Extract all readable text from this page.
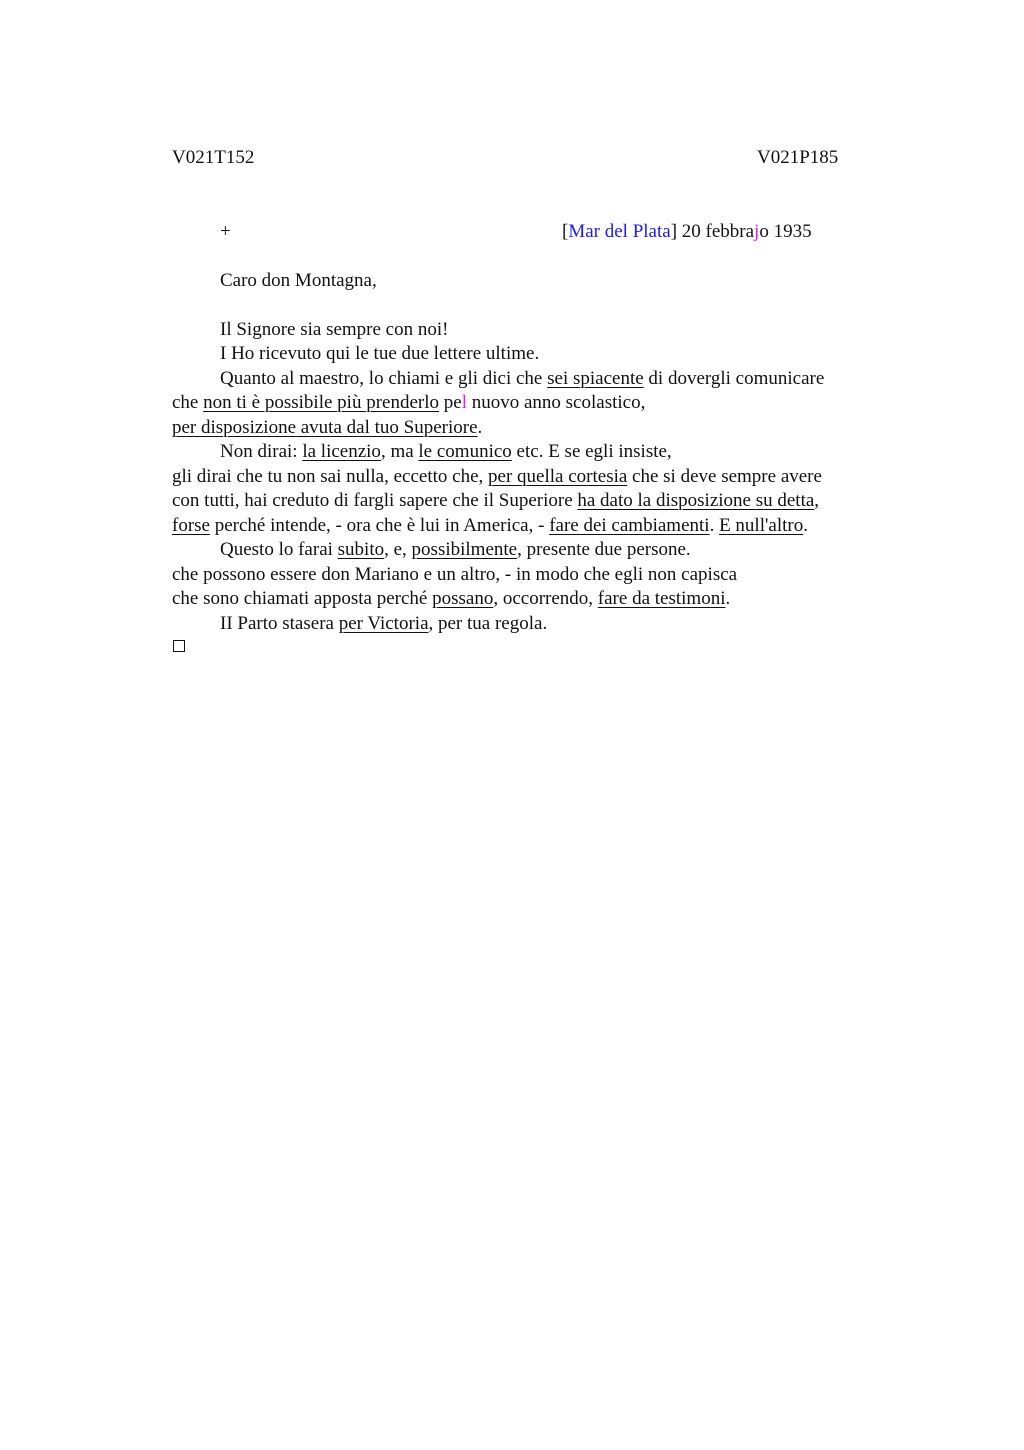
V021T152	V021P185
+	[Mar del Plata] 20 febbrajo 1935
Caro don Montagna,
Il Signore sia sempre con noi!
I Ho ricevuto qui le tue due lettere ultime.
Quanto al maestro, lo chiami e gli dici che sei spiacente di dovergli comunicare
che non ti è possibile più prenderlo pel nuovo anno scolastico,
per disposizione avuta dal tuo Superiore.
Non dirai: la licenzio, ma le comunico etc. E se egli insiste,
gli dirai che tu non sai nulla, eccetto che, per quella cortesia che si deve sempre avere
con tutti, hai creduto di fargli sapere che il Superiore ha dato la disposizione su detta,
forse perché intende, - ora che è lui in America, - fare dei cambiamenti. E null'altro.
Questo lo farai subito, e, possibilmente, presente due persone.
che possono essere don Mariano e un altro, - in modo che egli non capisca
che sono chiamati apposta perché possano, occorrendo, fare da testimoni.
II Parto stasera per Victoria, per tua regola.
